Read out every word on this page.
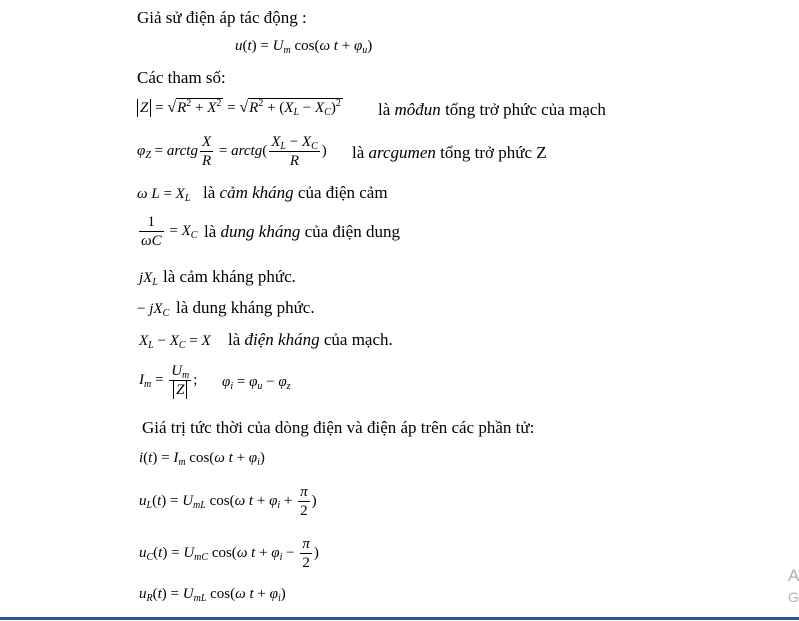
Giả sử điện áp tác động :
$u(t) = U_m$ cos(ω $t + \varphi_u$)
Các tham số:
$Z = √R^2 + X^2 = √R^2 + (X_L - X_C)^2$ là môđun tổng trở phức của mạch
$\varphi_Z$ = arctg $\frac{X}{R}$ = arctg( $\frac{X_L - X_C}{R}$ ) là arcgumen tổng trở phức Z
ω $L = X_L$ là cảm kháng của điện cảm
$\frac{1}{\omega C} = X_C$ là dung kháng của điện dung
$jX_L$ là cảm kháng phức.
− $jX_C$ là dung kháng phức.
$X_L - X_C = X$ là điện kháng của mạch.
$I_m = \frac{U_m}{Z}$ ; $\varphi_i = \varphi_u - \varphi_z$
Giá trị tức thời của dòng điện và điện áp trên các phần tử:
$i(t) = I_m$ cos(ω $t + \varphi_i$)
$u_L(t) = U_{mL}$ cos(ω $t + \varphi_i + \frac{\pi}{2}$ )
$u_C(t) = U_{mC}$ cos(ω $t + \varphi_i - \frac{\pi}{2}$ )
$u_R(t) = U_{mL}$ cos(ω $t + \varphi_i$)
A
G
